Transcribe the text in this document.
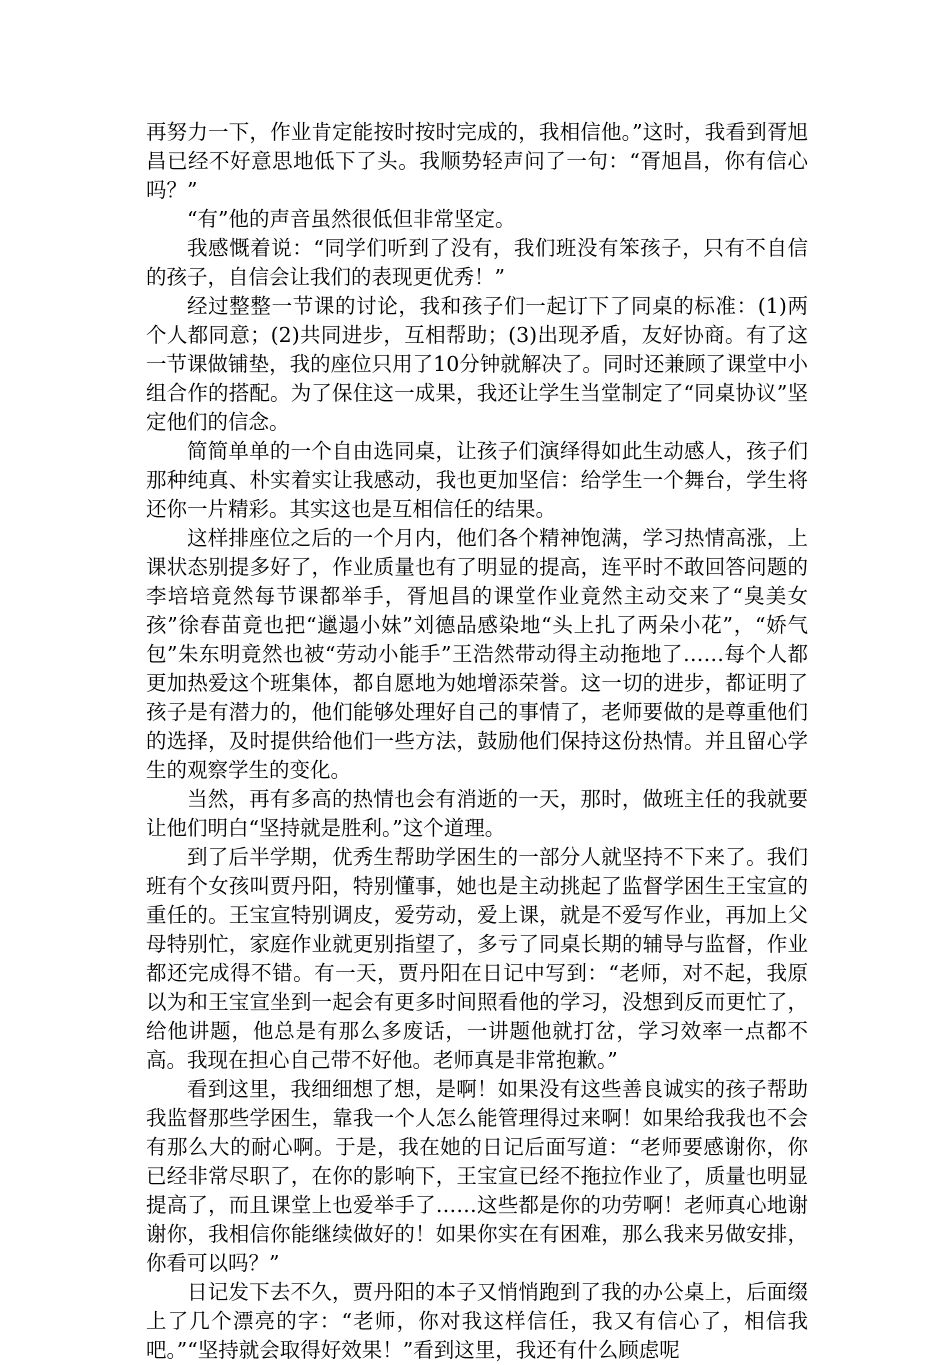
再努力一下，作业肯定能按时按时完成的，我相信他。”这时，我看到胥旭昌已经不好意思地低下了头。我顺势轻声问了一句：“胥旭昌，你有信心吗？”

“有”他的声音虽然很低但非常坚定。

我感慨着说：“同学们听到了没有，我们班没有笨孩子，只有不自信的孩子，自信会让我们的表现更优秀！”

经过整整一节课的讨论，我和孩子们一起订下了同桌的标准：(1)两个人都同意；(2)共同进步，互相帮助；(3)出现矛盾，友好协商。有了这一节课做铺垫，我的座位只用了10分钟就解决了。同时还兼顾了课堂中小组合作的搭配。为了保住这一成果，我还让学生当堂制定了“同桌协议”坚定他们的信念。

简简单单的一个自由选同桌，让孩子们演绎得如此生动感人，孩子们那种纯真、朴实着实让我感动，我也更加坚信：给学生一个舞台，学生将还你一片精彩。其实这也是互相信任的结果。

这样排座位之后的一个月内，他们各个精神饱满，学习热情高涨，上课状态别提多好了，作业质量也有了明显的提高，连平时不敢回答问题的李培培竟然每节课都举手，胥旭昌的课堂作业竟然主动交来了“臭美女孩”徐春苗竟也把“邋遢小妹”刘德品感染地“头上扎了两朵小花”，“娇气包”朱东明竟然也被“劳动小能手”王浩然带动得主动拖地了……每个人都更加热爱这个班集体，都自愿地为她增添荣誉。这一切的进步，都证明了孩子是有潜力的，他们能够处理好自己的事情了，老师要做的是尊重他们的选择，及时提供给他们一些方法，鼓励他们保持这份热情。并且留心学生的观察学生的变化。

当然，再有多高的热情也会有消逝的一天，那时，做班主任的我就要让他们明白“坚持就是胜利。”这个道理。

到了后半学期，优秀生帮助学困生的一部分人就坚持不下来了。我们班有个女孩叫贾丹阳，特别懂事，她也是主动挑起了监督学困生王宝宣的重任的。王宝宣特别调皮，爱劳动，爱上课，就是不爱写作业，再加上父母特别忙，家庭作业就更别指望了，多亏了同桌长期的辅导与监督，作业都还完成得不错。有一天，贾丹阳在日记中写到：“老师，对不起，我原以为和王宝宣坐到一起会有更多时间照看他的学习，没想到反而更忙了，给他讲题，他总是有那么多废话，一讲题他就打岔，学习效率一点都不高。我现在担心自己带不好他。老师真是非常抱歉。”

看到这里，我细细想了想，是啊！如果没有这些善良诚实的孩子帮助我监督那些学困生，靠我一个人怎么能管理得过来啊！如果给我我也不会有那么大的耐心啊。于是，我在她的日记后面写道：“老师要感谢你，你已经非常尽职了，在你的影响下，王宝宣已经不拖拉作业了，质量也明显提高了，而且课堂上也爱举手了……这些都是你的功劳啊！老师真心地谢谢你，我相信你能继续做好的！如果你实在有困难，那么我来另做安排，你看可以吗？”

日记发下去不久，贾丹阳的本子又悄悄跑到了我的办公桌上，后面缀上了几个漂亮的字：“老师，你对我这样信任，我又有信心了，相信我吧。”“坚持就会取得好效果！”看到这里，我还有什么顾虑呢
